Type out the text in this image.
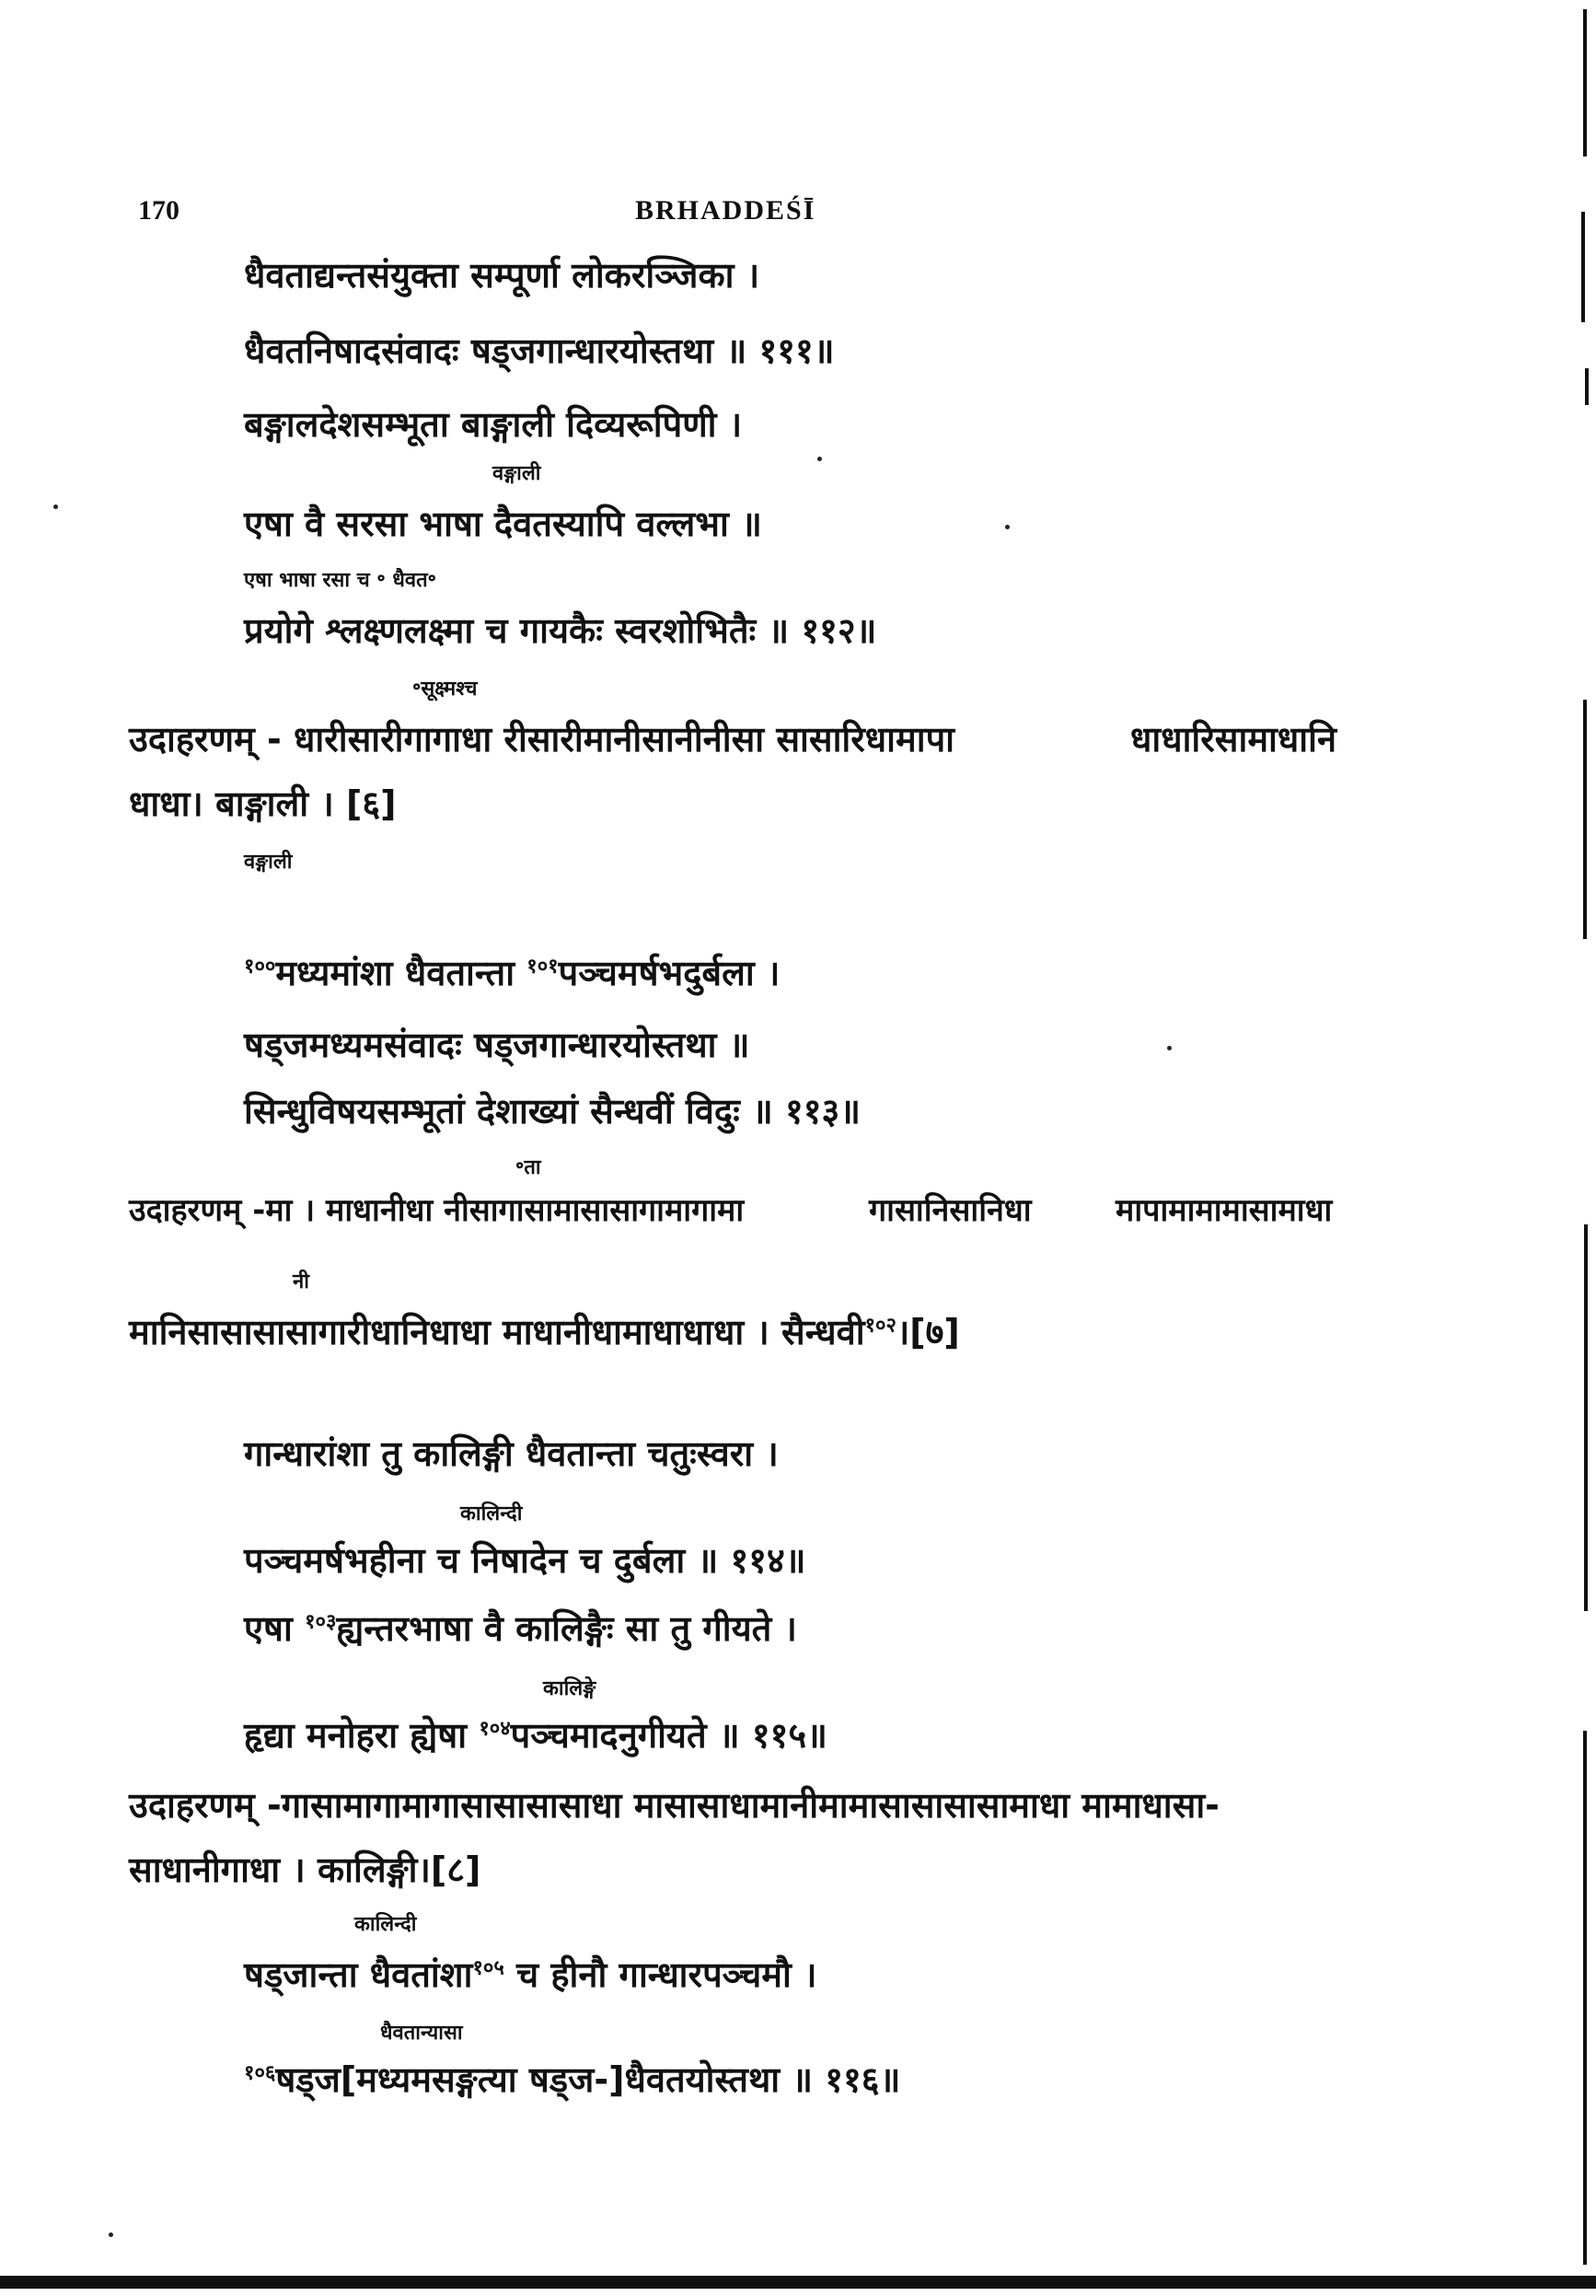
170	BRHADDEŚĪ
धैवताद्यन्तसंयुक्ता सम्पूर्णा लोकरञ्जिका ।
धैवतनिषादसंवादः षड्जगान्धारयोस्तथा ॥ १११॥
बङ्गालदेशसम्भूता बाङ्गाली दिव्यरूपिणी ।
वङ्गाली
एषा वै सरसा भाषा दैवतस्यापि वल्लभा ॥
एषा भाषा रसा च ॰ धैवत॰
प्रयोगे श्लक्ष्णलक्ष्मा च गायकैः स्वरशोभितैः ॥ ११२॥
॰सूक्ष्मश्च
उदाहरणम् - धारीसारीगागाधा रीसारीमानीसानीनीसा सासारिधामापा	धाधारिसामाधानि
धाधा। बाङ्गाली । [६]
वङ्गाली
$^{१००}$मध्यमांशा धैवतान्ता $^{१०१}$पञ्चमर्षभदुर्बला ।
षड्जमध्यमसंवादः षड्जगान्धारयोस्तथा ॥
सिन्धुविषयसम्भूतां देशाख्यां सैन्धवीं विदुः ॥ ११३॥
॰ता
उदाहरणम् -मा । माधानीधा नीसागासामासासागामागामा	गासानिसानिधा	मापामामामासामाधा
नी
मानिसासासासागारीधानिधाधा माधानीधामाधाधाधा । सैन्धवी$^{१०२}$।[७]
गान्धारांशा तु कालिङ्गी धैवतान्ता चतुःस्वरा ।
कालिन्दी
पञ्चमर्षभहीना च निषादेन च दुर्बला ॥ ११४॥
एषा $^{१०३}$ह्यन्तरभाषा वै कालिङ्गैः सा तु गीयते ।
कालिङ्गे
हृद्या मनोहरा ह्येषा $^{१०४}$पञ्चमादनुगीयते ॥ ११५॥
उदाहरणम् -गासामागामागासासासासाधा मासासाधामानीमामासासासासामाधा मामाधासा-
साधानीगाधा । कालिङ्गी।[८]
कालिन्दी
षड्जान्ता धैवतांशा$^{१०५}$ च हीनौ गान्धारपञ्चमौ ।
धैवतान्यासा
$^{१०६}$षड्ज[मध्यमसङ्गत्या षड्ज-]धैवतयोस्तथा ॥ ११६॥
